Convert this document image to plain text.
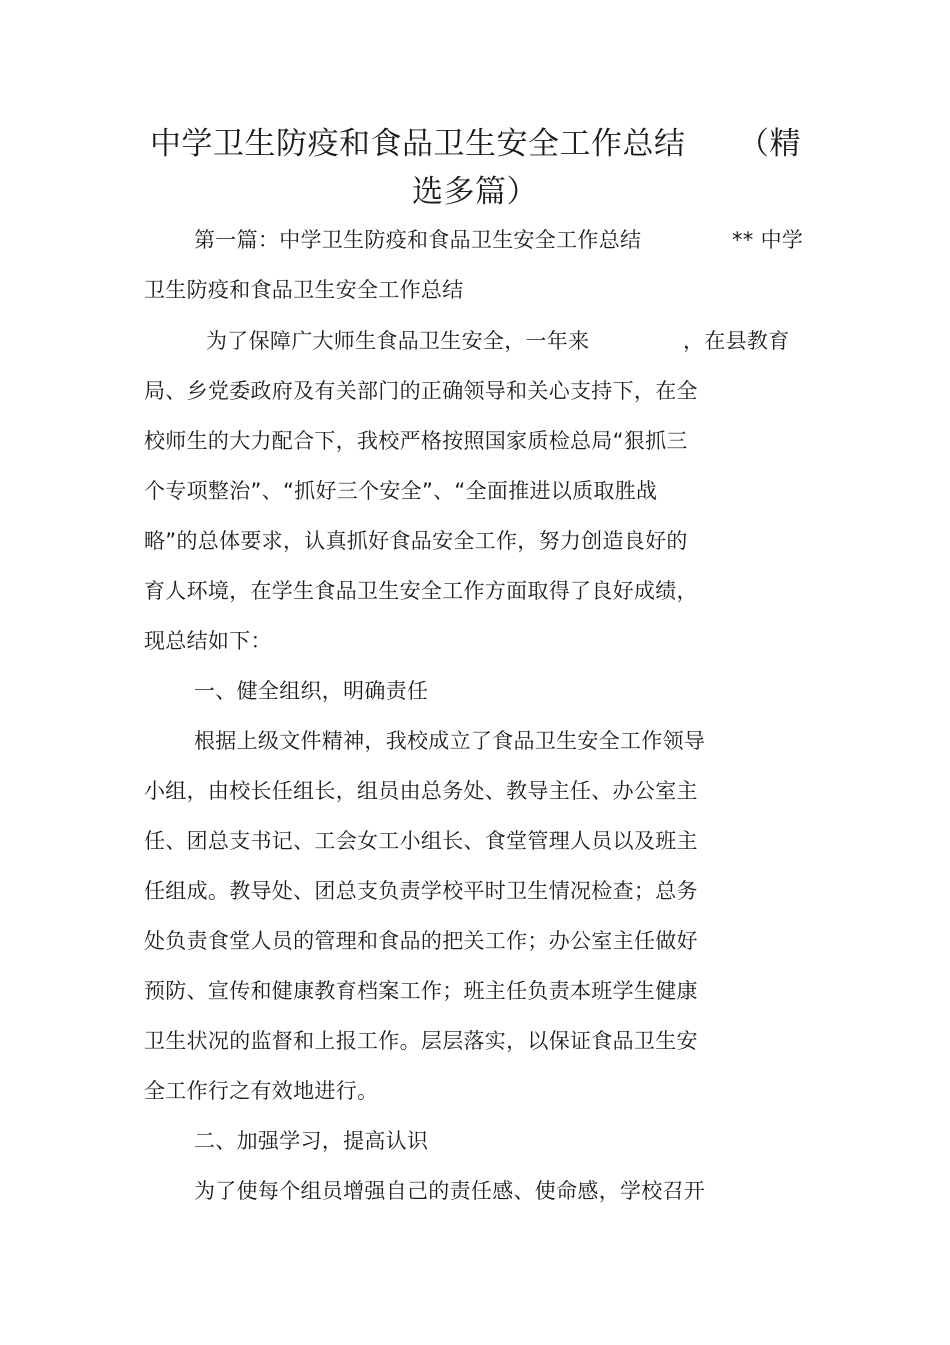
中学卫生防疫和食品卫生安全工作总结 （精
选多篇）
第一篇：中学卫生防疫和食品卫生安全工作总结	** 中学
卫生防疫和食品卫生安全工作总结
为了保障广大师生食品卫生安全，一年来	，在县教育
局、乡党委政府及有关部门的正确领导和关心支持下，在全
校师生的大力配合下，我校严格按照国家质检总局“狠抓三
个专项整治”、“抓好三个安全”、“全面推进以质取胜战
略”的总体要求，认真抓好食品安全工作，努力创造良好的
育人环境，在学生食品卫生安全工作方面取得了良好成绩，
现总结如下：
一、健全组织，明确责任
根据上级文件精神，我校成立了食品卫生安全工作领导
小组，由校长任组长，组员由总务处、教导主任、办公室主
任、团总支书记、工会女工小组长、食堂管理人员以及班主
任组成。教导处、团总支负责学校平时卫生情况检查；总务
处负责食堂人员的管理和食品的把关工作；办公室主任做好
预防、宣传和健康教育档案工作；班主任负责本班学生健康
卫生状况的监督和上报工作。层层落实，以保证食品卫生安
全工作行之有效地进行。
二、加强学习，提高认识
为了使每个组员增强自己的责任感、使命感，学校召开
